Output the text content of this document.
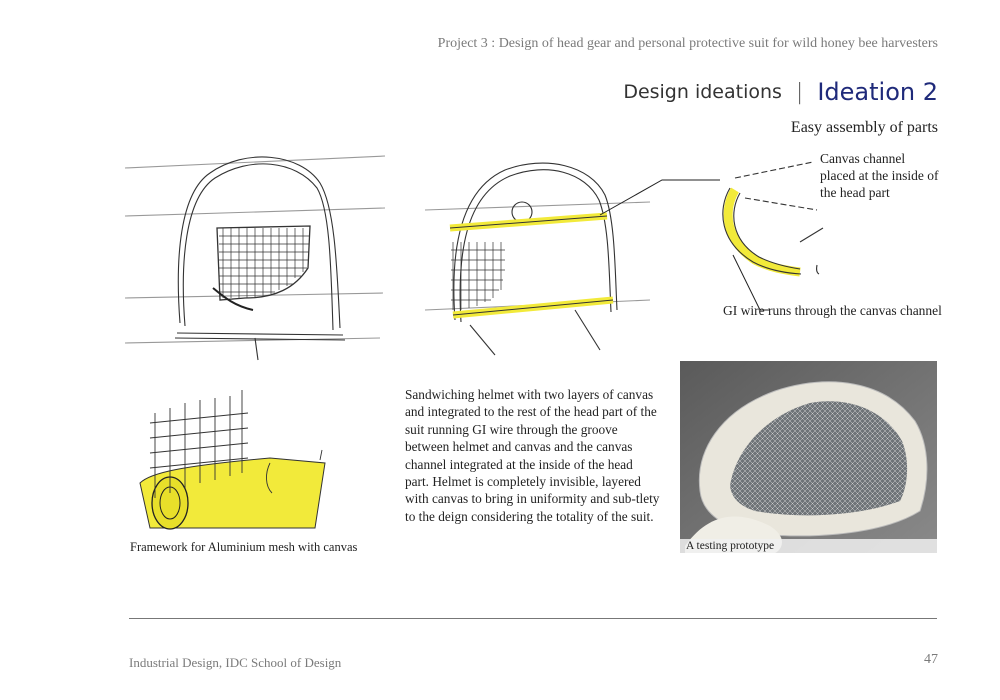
Project 3 : Design of head gear and personal protective suit for wild honey bee harvesters
Design ideations | Ideation 2
Easy assembly of parts
Canvas channel placed at the inside of the head part
GI wire runs through the canvas channel
Framework for Aluminium mesh with canvas
Sandwiching helmet with two layers of canvas and integrated to the rest of the head part of the suit running GI wire through the groove between helmet and canvas and the canvas channel integrated at the inside of the head part. Helmet is completely invisible, layered with canvas to bring in uniformity and sub-tlety to the deign considering the totality of the suit.
A testing prototype
Industrial Design, IDC School of Design	47
